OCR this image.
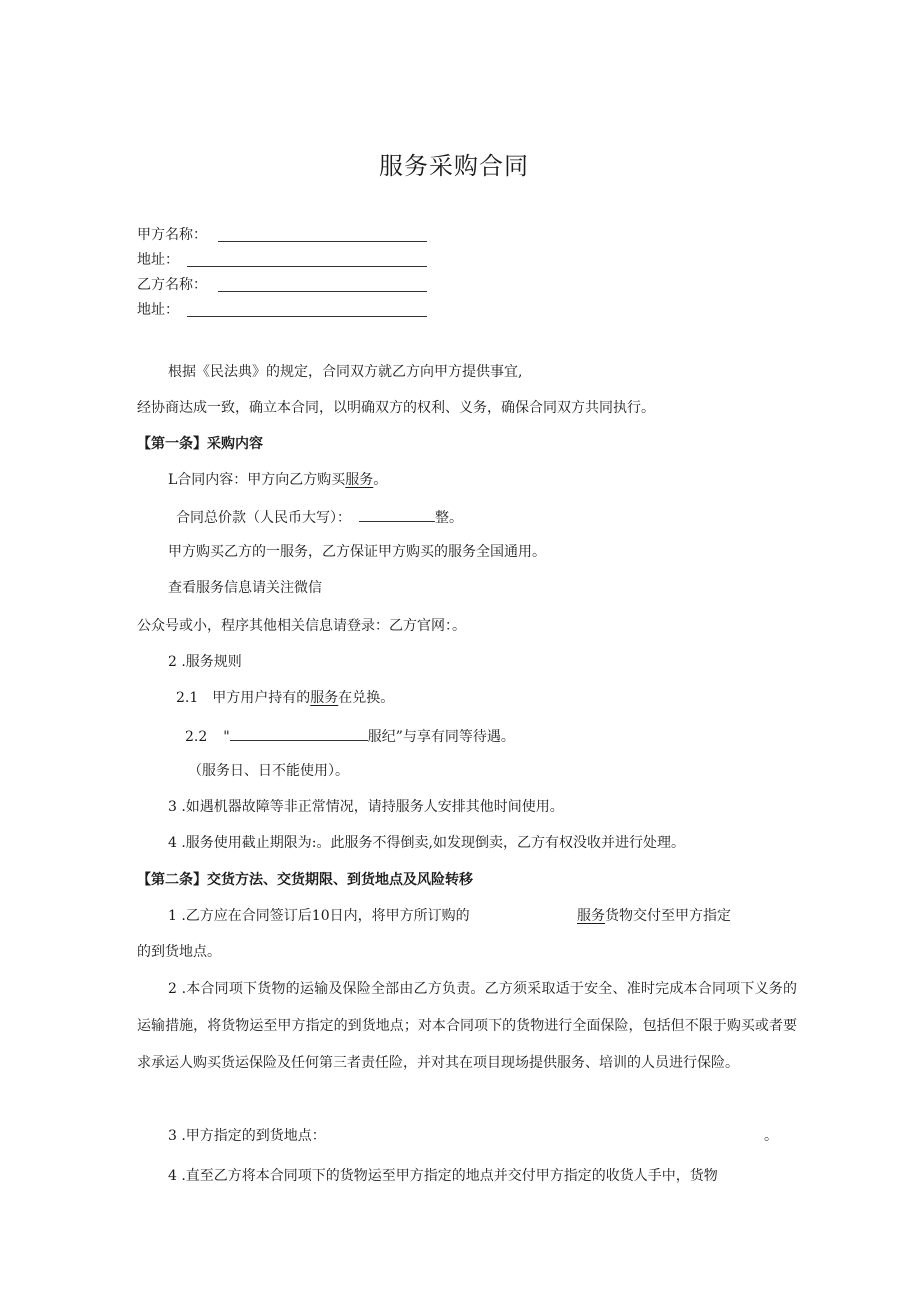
服务采购合同
甲方名称：
地址：
乙方名称：
地址：
根据《民法典》的规定，合同双方就乙方向甲方提供事宜,
经协商达成一致，确立本合同，以明确双方的权利、义务，确保合同双方共同执行。
【第一条】采购内容
L合同内容：甲方向乙方购买服务。
合同总价款（人民币大写）：	整。
甲方购买乙方的一服务，乙方保证甲方购买的服务全国通用。
查看服务信息请关注微信
公众号或小，程序其他相关信息请登录：乙方官网：。
2 .服务规则
2.1 甲方用户持有的服务在兑换。
2.2 "	服纪”与享有同等待遇。
（服务日、日不能使用）。
3 .如遇机器故障等非正常情况，请持服务人安排其他时间使用。
4 .服务使用截止期限为:。此服务不得倒卖,如发现倒卖，乙方有权没收并进行处理。
【第二条】交货方法、交货期限、到货地点及风险转移
1 .乙方应在合同签订后10日内，将甲方所订购的	服务货物交付至甲方指定
的到货地点。
2 .本合同项下货物的运输及保险全部由乙方负责。乙方须采取适于安全、准时完成本合同项下义务的运输措施，将货物运至甲方指定的到货地点；对本合同项下的货物进行全面保险，包括但不限于购买或者要求承运人购买货运保险及任何第三者责任险，并对其在项目现场提供服务、培训的人员进行保险。
3 .甲方指定的到货地点：	。
4 .直至乙方将本合同项下的货物运至甲方指定的地点并交付甲方指定的收货人手中，货物
